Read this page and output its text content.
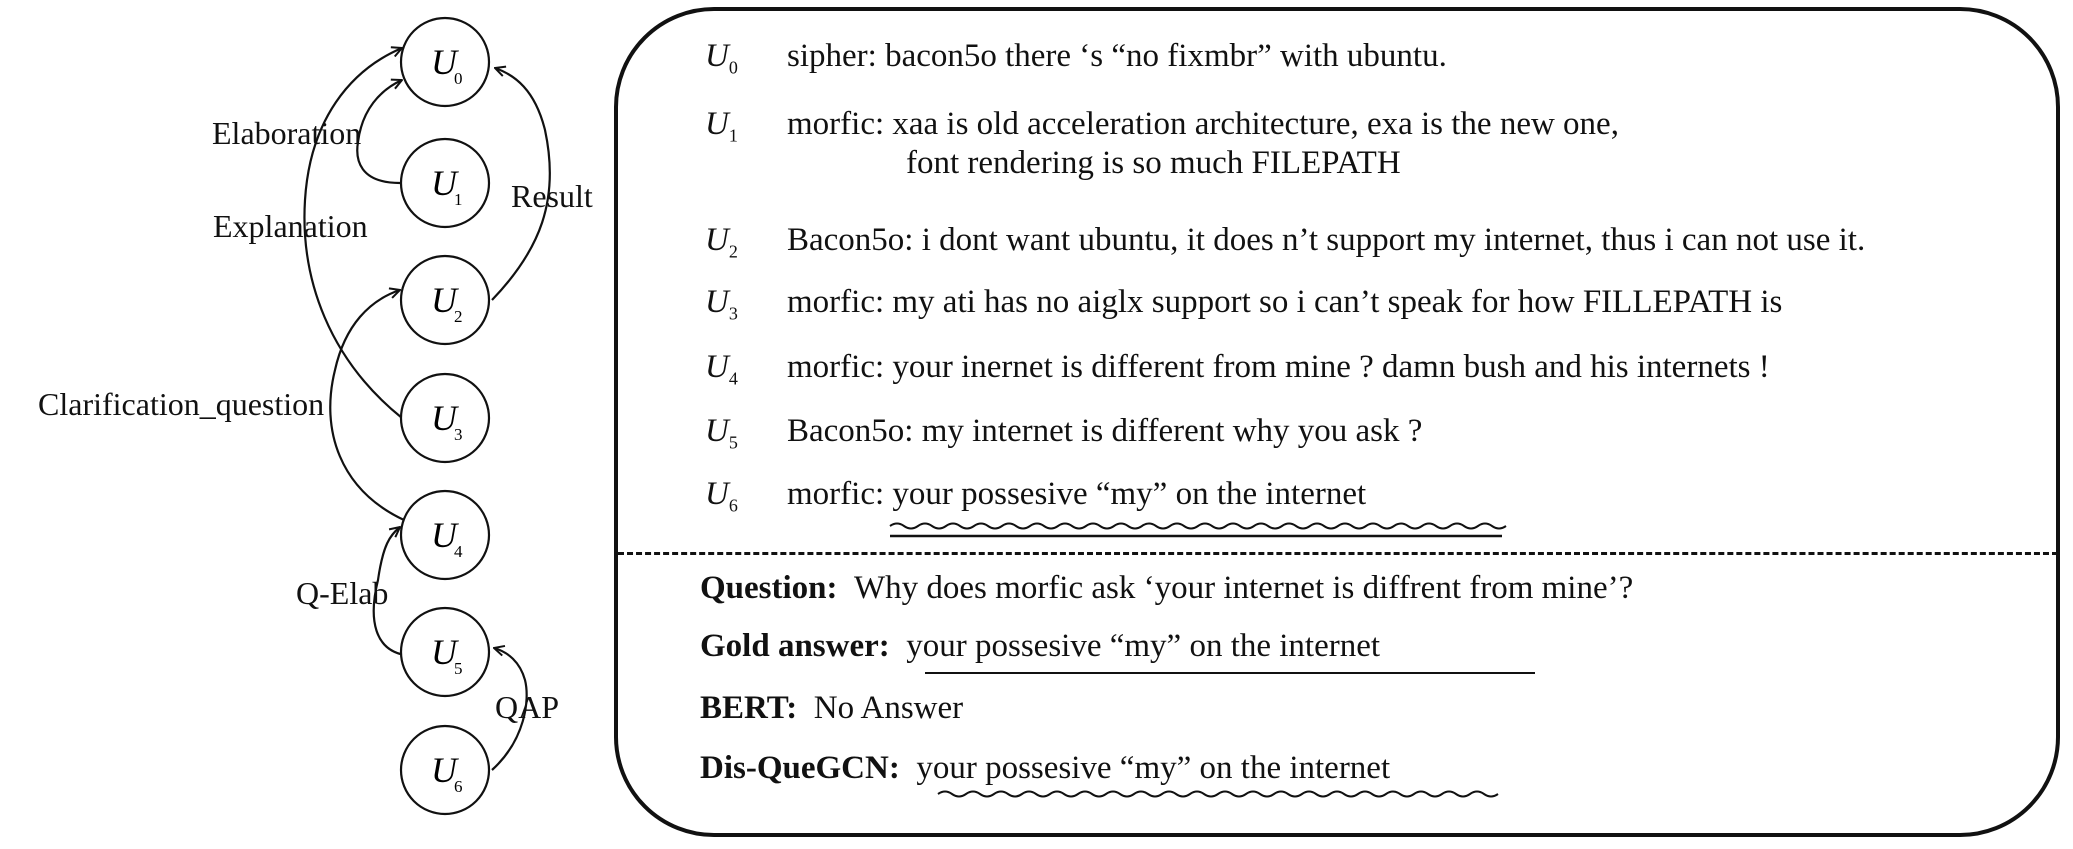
U
0
U
1
U
2
U
3
U
4
U
5
U
6
Elaboration
Explanation
Result
Clarification_question
Q-Elab
QAP
$U_0$ sipher: bacon5o there ‘s “no fixmbr” with ubuntu.
$U_1$ morfic: xaa is old acceleration architecture, exa is the new one,
font rendering is so much FILEPATH
$U_2$ Bacon5o: i dont want ubuntu, it does n’t support my internet, thus i can not use it.
$U_3$ morfic: my ati has no aiglx support so i can’t speak for how FILLEPATH is
$U_4$ morfic: your inernet is different from mine ? damn bush and his internets !
$U_5$ Bacon5o: my internet is different why you ask ?
$U_6$ morfic: your possesive “my” on the internet
Question: Why does morfic ask ‘your internet is diffrent from mine’?
Gold answer: your possesive “my” on the internet
BERT: No Answer
Dis-QueGCN: your possesive “my” on the internet
